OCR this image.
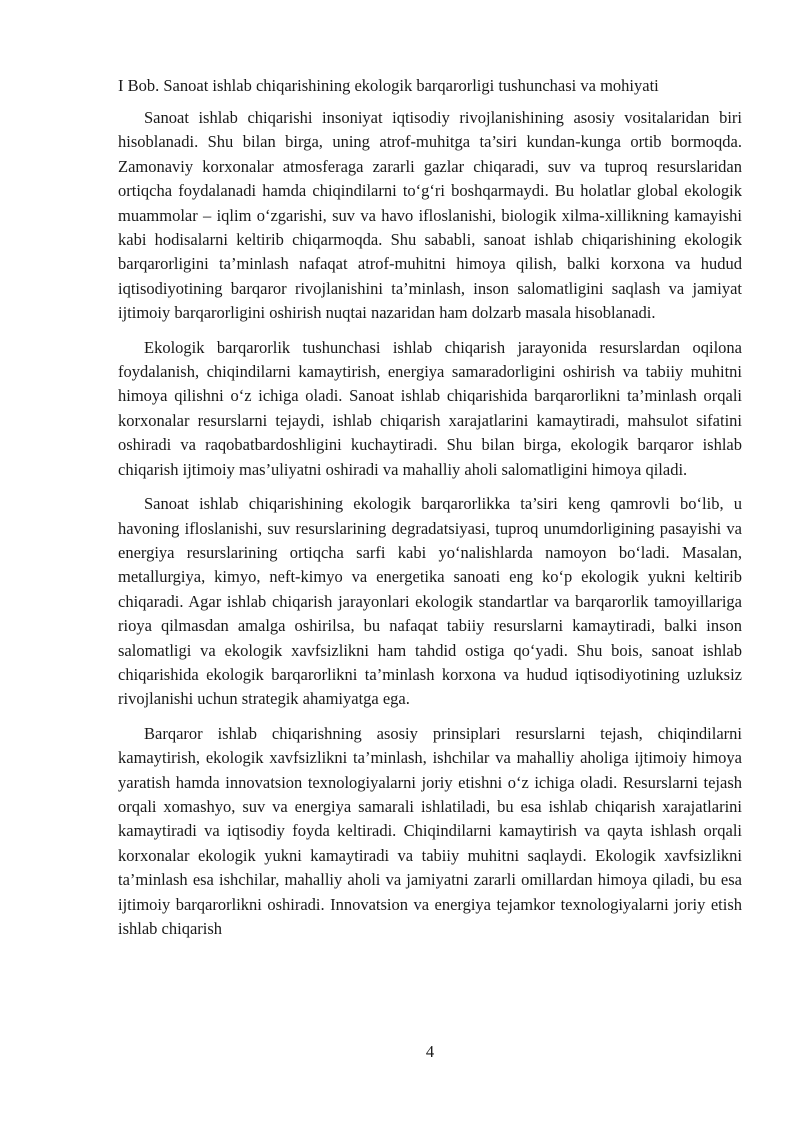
I Bob. Sanoat ishlab chiqarishining ekologik barqarorligi tushunchasi va mohiyati

Sanoat ishlab chiqarishi insoniyat iqtisodiy rivojlanishining asosiy vositalaridan biri hisoblanadi. Shu bilan birga, uning atrof-muhitga ta’siri kundan-kunga ortib bormoqda. Zamonaviy korxonalar atmosferaga zararli gazlar chiqaradi, suv va tuproq resurslaridan ortiqcha foydalanadi hamda chiqindilarni to‘g‘ri boshqarmaydi. Bu holatlar global ekologik muammolar – iqlim o‘zgarishi, suv va havo ifloslanishi, biologik xilma-xillikning kamayishi kabi hodisalarni keltirib chiqarmoqda. Shu sababli, sanoat ishlab chiqarishining ekologik barqarorligini ta’minlash nafaqat atrof-muhitni himoya qilish, balki korxona va hudud iqtisodiyotining barqaror rivojlanishini ta’minlash, inson salomatligini saqlash va jamiyat ijtimoiy barqarorligini oshirish nuqtai nazaridan ham dolzarb masala hisoblanadi.

Ekologik barqarorlik tushunchasi ishlab chiqarish jarayonida resurslardan oqilona foydalanish, chiqindilarni kamaytirish, energiya samaradorligini oshirish va tabiiy muhitni himoya qilishni o‘z ichiga oladi. Sanoat ishlab chiqarishida barqarorlikni ta’minlash orqali korxonalar resurslarni tejaydi, ishlab chiqarish xarajatlarini kamaytiradi, mahsulot sifatini oshiradi va raqobatbardoshligini kuchaytiradi. Shu bilan birga, ekologik barqaror ishlab chiqarish ijtimoiy mas’uliyatni oshiradi va mahalliy aholi salomatligini himoya qiladi.

Sanoat ishlab chiqarishining ekologik barqarorlikka ta’siri keng qamrovli bo‘lib, u havoning ifloslanishi, suv resurslarining degradatsiyasi, tuproq unumdorligining pasayishi va energiya resurslarining ortiqcha sarfi kabi yo‘nalishlarda namoyon bo‘ladi. Masalan, metallurgiya, kimyo, neft-kimyo va energetika sanoati eng ko‘p ekologik yukni keltirib chiqaradi. Agar ishlab chiqarish jarayonlari ekologik standartlar va barqarorlik tamoyillariga rioya qilmasdan amalga oshirilsa, bu nafaqat tabiiy resurslarni kamaytiradi, balki inson salomatligi va ekologik xavfsizlikni ham tahdid ostiga qo‘yadi. Shu bois, sanoat ishlab chiqarishida ekologik barqarorlikni ta’minlash korxona va hudud iqtisodiyotining uzluksiz rivojlanishi uchun strategik ahamiyatga ega.

Barqaror ishlab chiqarishning asosiy prinsiplari resurslarni tejash, chiqindilarni kamaytirish, ekologik xavfsizlikni ta’minlash, ishchilar va mahalliy aholiga ijtimoiy himoya yaratish hamda innovatsion texnologiyalarni joriy etishni o‘z ichiga oladi. Resurslarni tejash orqali xomashyo, suv va energiya samarali ishlatiladi, bu esa ishlab chiqarish xarajatlarini kamaytiradi va iqtisodiy foyda keltiradi. Chiqindilarni kamaytirish va qayta ishlash orqali korxonalar ekologik yukni kamaytiradi va tabiiy muhitni saqlaydi. Ekologik xavfsizlikni ta’minlash esa ishchilar, mahalliy aholi va jamiyatni zararli omillardan himoya qiladi, bu esa ijtimoiy barqarorlikni oshiradi. Innovatsion va energiya tejamkor texnologiyalarni joriy etish ishlab chiqarish

4
